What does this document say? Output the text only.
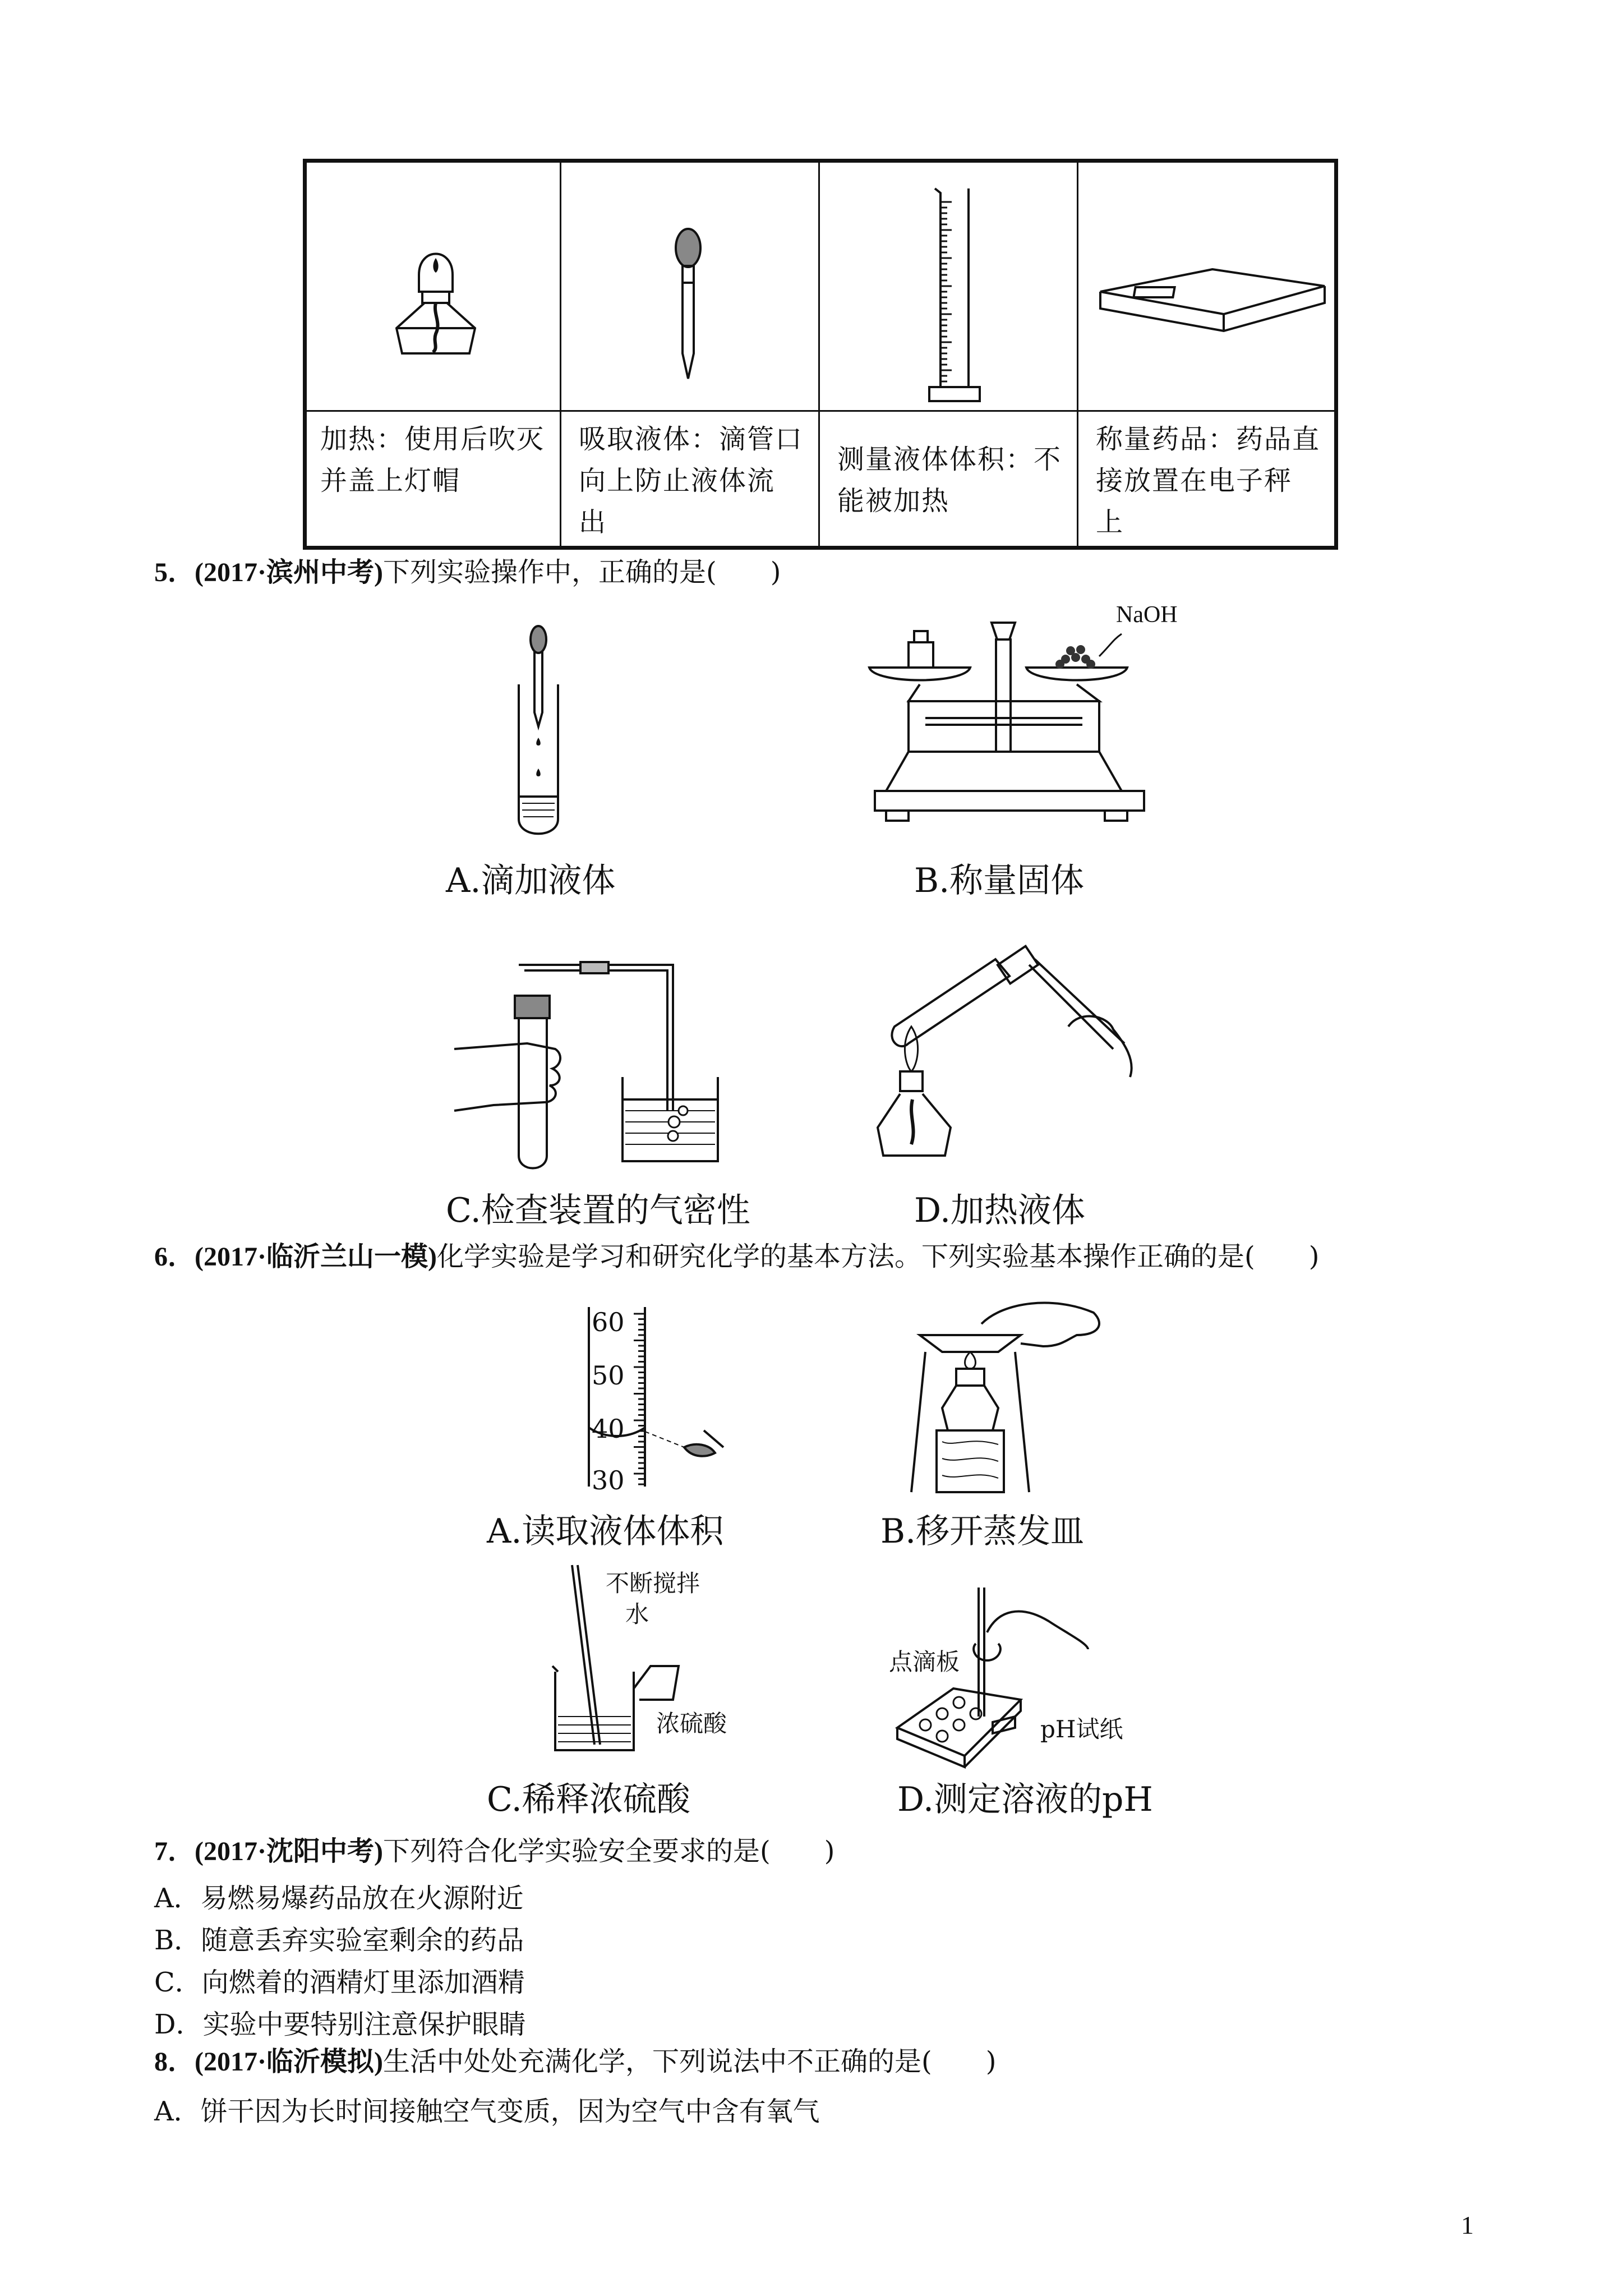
加热：使用后吹灭
并盖上灯帽
吸取液体：滴管口
向上防止液体流
出
测量液体体积：不
能被加热
称量药品：药品直
接放置在电子秤
上
5．(2017·滨州中考)下列实验操作中，正确的是(　　)
A.滴加液体
NaOH
B.称量固体
C.检查装置的气密性	D.加热液体
6．(2017·临沂兰山一模)化学实验是学习和研究化学的基本方法。下列实验基本操作正确的是(　　)
60
50
40
30
A.读取液体体积	B.移开蒸发皿
不断搅拌
水
浓硫酸
C.稀释浓硫酸
点滴板
pH试纸
D.测定溶液的pH
7．(2017·沈阳中考)下列符合化学实验安全要求的是(　　)
A．易燃易爆药品放在火源附近
B．随意丢弃实验室剩余的药品
C．向燃着的酒精灯里添加酒精
D．实验中要特别注意保护眼睛
8．(2017·临沂模拟)生活中处处充满化学，下列说法中不正确的是(　　)
A．饼干因为长时间接触空气变质，因为空气中含有氧气
1
